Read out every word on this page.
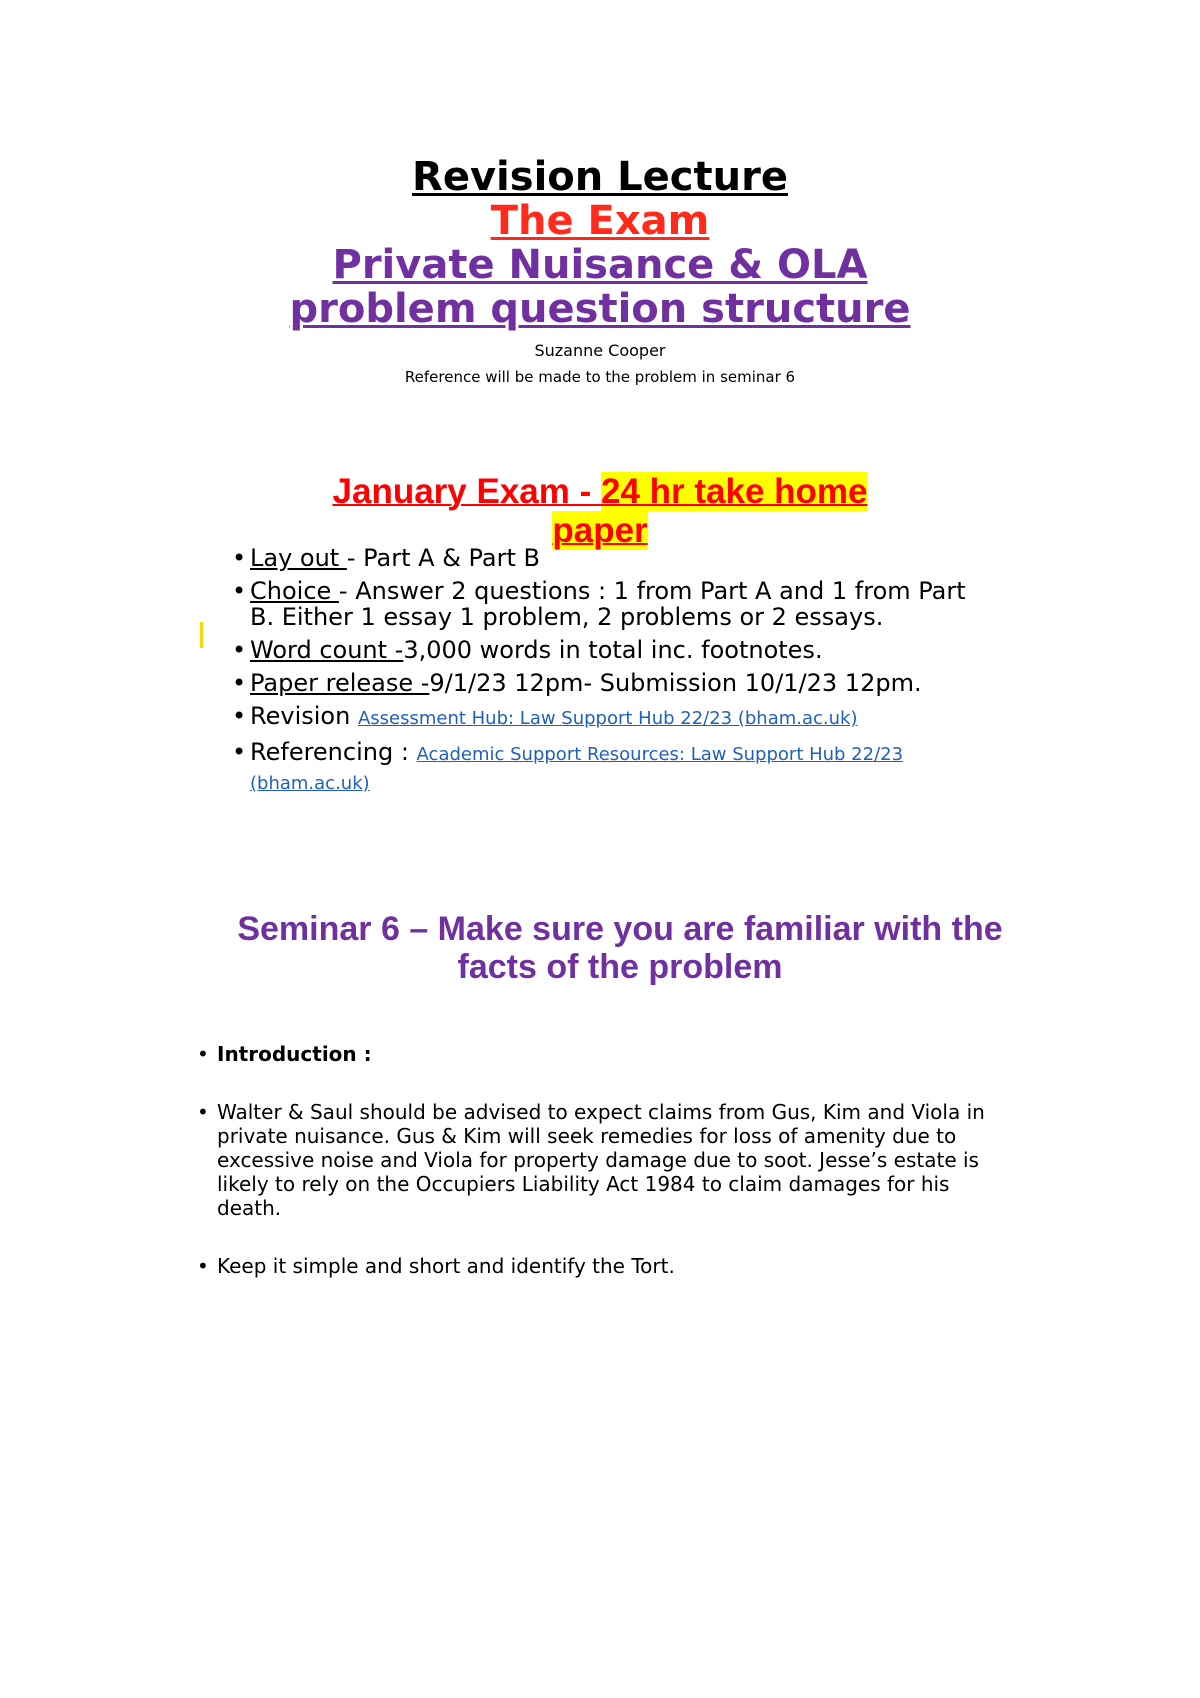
Revision Lecture
The Exam
Private Nuisance & OLA
problem question structure
Suzanne Cooper
Reference will be made to the problem in seminar 6
January Exam - 24 hr take home
paper
• Lay out - Part A & Part B
• Choice - Answer 2 questions : 1 from Part A and 1 from Part B. Either 1 essay 1 problem, 2 problems or 2 essays.
• Word count -3,000 words in total inc. footnotes.
• Paper release -9/1/23 12pm- Submission 10/1/23 12pm.
• Revision Assessment Hub: Law Support Hub 22/23 (bham.ac.uk)
• Referencing : Academic Support Resources: Law Support Hub 22/23 (bham.ac.uk)
Seminar 6 – Make sure you are familiar with the facts of the problem
• Introduction :
• Walter & Saul should be advised to expect claims from Gus, Kim and Viola in private nuisance. Gus & Kim will seek remedies for loss of amenity due to excessive noise and Viola for property damage due to soot. Jesse’s estate is likely to rely on the Occupiers Liability Act 1984 to claim damages for his death.
• Keep it simple and short and identify the Tort.
